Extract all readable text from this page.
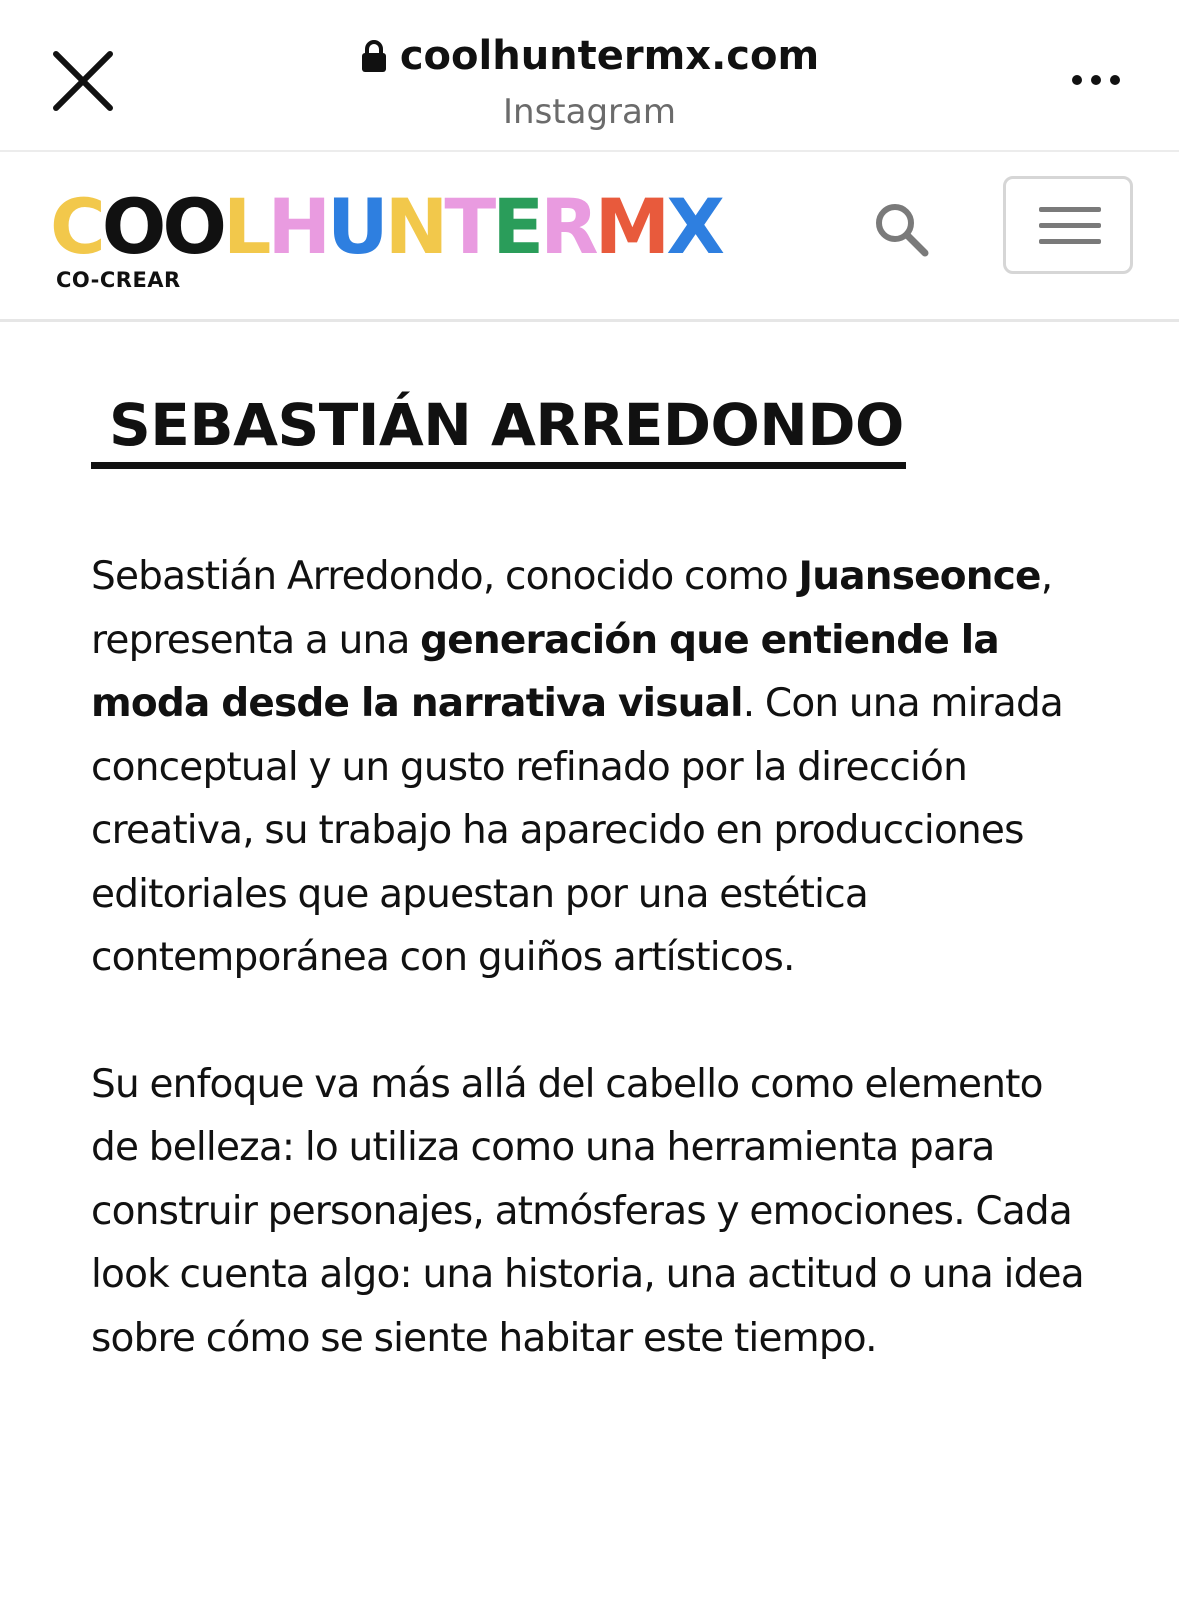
coolhuntermx.com
Instagram
C O O L H U N T E R M X
CO-CREAR
SEBASTIÁN ARREDONDO

Sebastián Arredondo, conocido como Juanseonce, representa a una generación que entiende la moda desde la narrativa visual. Con una mirada conceptual y un gusto refinado por la dirección creativa, su trabajo ha aparecido en producciones editoriales que apuestan por una estética contemporánea con guiños artísticos.

Su enfoque va más allá del cabello como elemento de belleza: lo utiliza como una herramienta para construir personajes, atmósferas y emociones. Cada look cuenta algo: una historia, una actitud o una idea sobre cómo se siente habitar este tiempo.
